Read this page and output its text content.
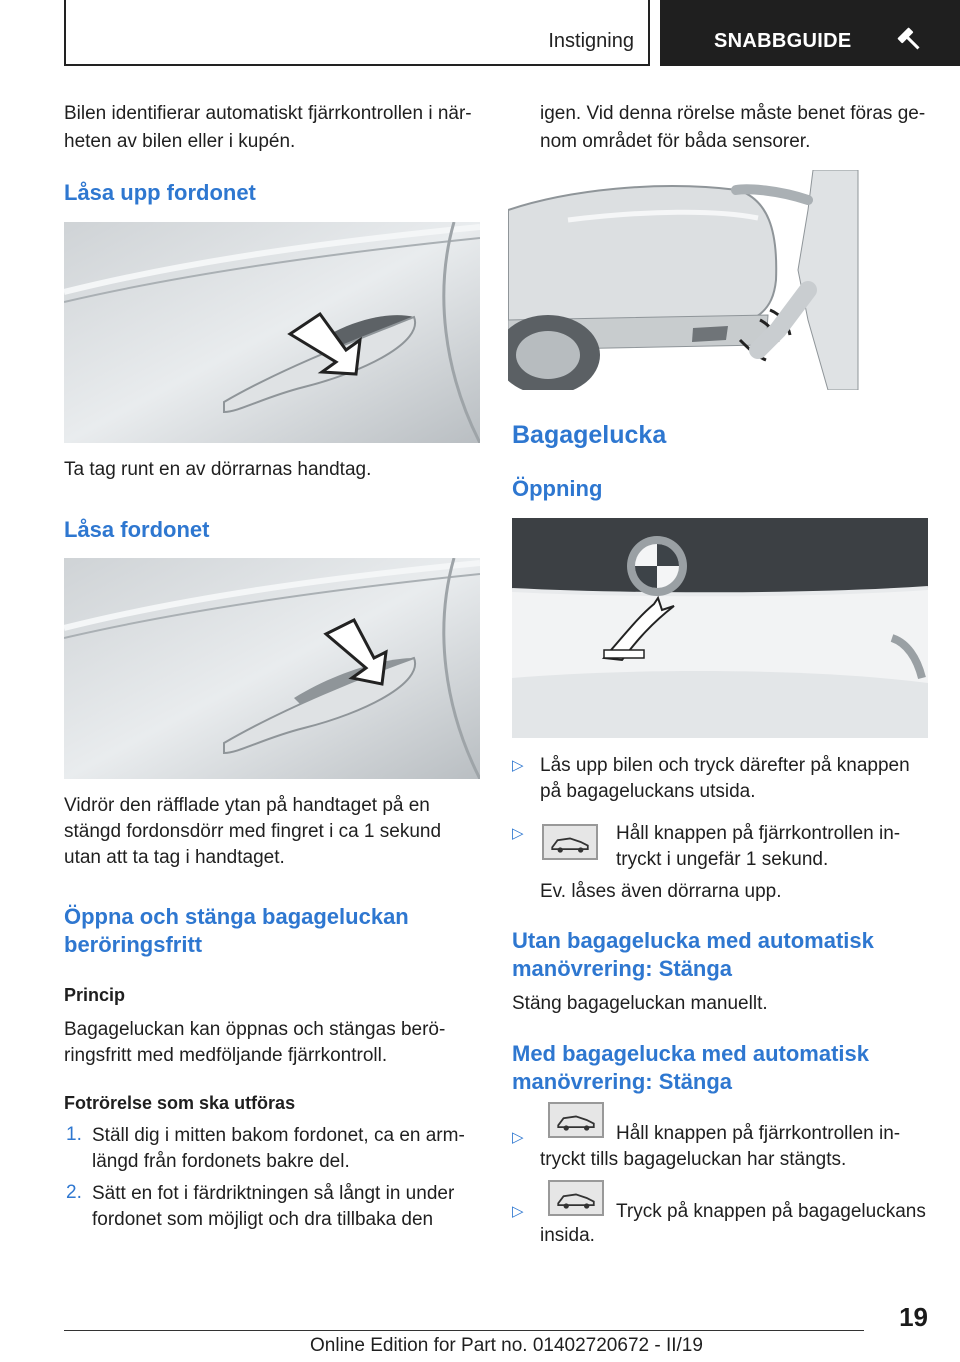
Instigning	SNABBGUIDE
Bilen identifierar automatiskt fjärrkontrollen i när-
heten av bilen eller i kupén.
Låsa upp fordonet
Ta tag runt en av dörrarnas handtag.
Låsa fordonet
Vidrör den räfflade ytan på handtaget på en
stängd fordonsdörr med fingret i ca 1 sekund
utan att ta tag i handtaget.
Öppna och stänga bagageluckan
beröringsfritt
Princip
Bagageluckan kan öppnas och stängas berö-
ringsfritt med medföljande fjärrkontroll.
Fotrörelse som ska utföras
1. Ställ dig i mitten bakom fordonet, ca en arm-
längd från fordonets bakre del.
2. Sätt en fot i färdriktningen så långt in under
fordonet som möjligt och dra tillbaka den
igen. Vid denna rörelse måste benet föras ge-
nom området för båda sensorer.
Bagagelucka
Öppning
▷ Lås upp bilen och tryck därefter på knappen
på bagageluckans utsida.
▷	Håll knappen på fjärrkontrollen in-
tryckt i ungefär 1 sekund.
Ev. låses även dörrarna upp.
Utan bagagelucka med automatisk
manövrering: Stänga
Stäng bagageluckan manuellt.
Med bagagelucka med automatisk
manövrering: Stänga
▷	Håll knappen på fjärrkontrollen in-
tryckt tills bagageluckan har stängts.
▷	Tryck på knappen på bagageluckans
insida.
19
Online Edition for Part no. 01402720672 - II/19
